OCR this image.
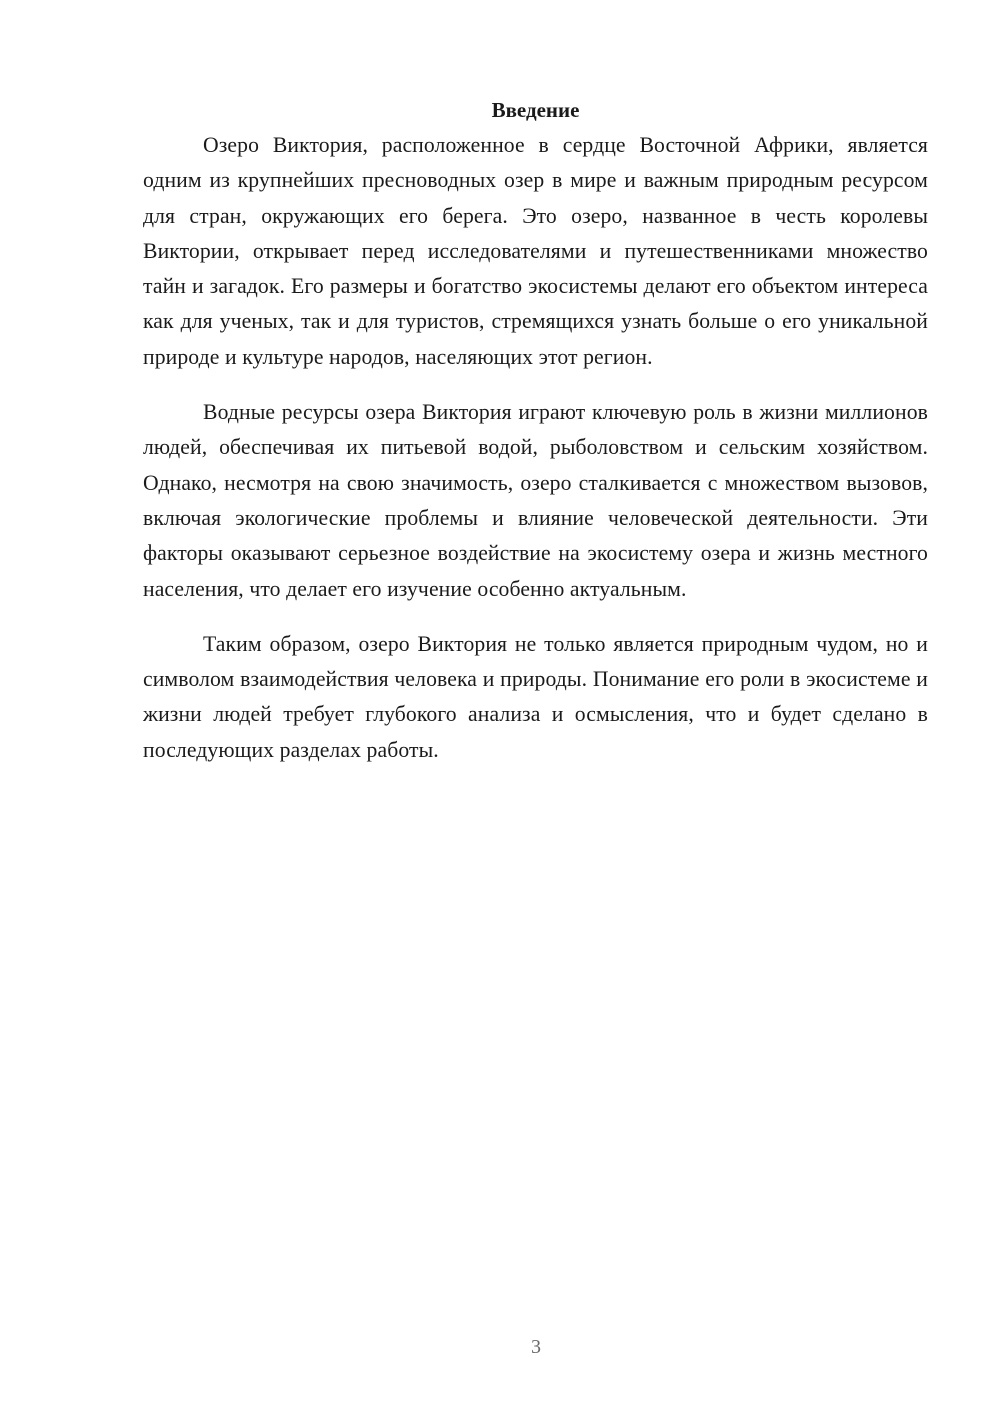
Введение

Озеро Виктория, расположенное в сердце Восточной Африки, является одним из крупнейших пресноводных озер в мире и важным природным ресурсом для стран, окружающих его берега. Это озеро, названное в честь королевы Виктории, открывает перед исследователями и путешественниками множество тайн и загадок. Его размеры и богатство экосистемы делают его объектом интереса как для ученых, так и для туристов, стремящихся узнать больше о его уникальной природе и культуре народов, населяющих этот регион.

Водные ресурсы озера Виктория играют ключевую роль в жизни миллионов людей, обеспечивая их питьевой водой, рыболовством и сельским хозяйством. Однако, несмотря на свою значимость, озеро сталкивается с множеством вызовов, включая экологические проблемы и влияние человеческой деятельности. Эти факторы оказывают серьезное воздействие на экосистему озера и жизнь местного населения, что делает его изучение особенно актуальным.

Таким образом, озеро Виктория не только является природным чудом, но и символом взаимодействия человека и природы. Понимание его роли в экосистеме и жизни людей требует глубокого анализа и осмысления, что и будет сделано в последующих разделах работы.

3
